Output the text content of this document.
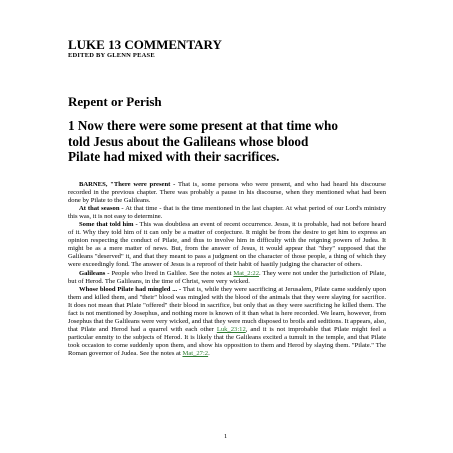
LUKE 13 COMMENTARY
EDITED BY GLENN PEASE
Repent or Perish
1 Now there were some present at that time who
told Jesus about the Galileans whose blood
Pilate had mixed with their sacrifices.

BARNES, "There were present - That is, some persons who were present, and who had heard his discourse recorded in the previous chapter. There was probably a pause in his discourse, when they mentioned what had been done by Pilate to the Galileans.

At that season - At that time - that is the time mentioned in the last chapter. At what period of our Lord's ministry this was, it is not easy to determine.

Some that told him - This was doubtless an event of recent occurrence. Jesus, it is probable, had not before heard of it. Why they told him of it can only be a matter of conjecture. It might be from the desire to get him to express an opinion respecting the conduct of Pilate, and thus to involve him in difficulty with the reigning powers of Judea. It might be as a mere matter of news. But, from the answer of Jesus, it would appear that "they" supposed that the Galileans "deserved" it, and that they meant to pass a judgment on the character of those people, a thing of which they were exceedingly fond. The answer of Jesus is a reproof of their habit of hastily judging the character of others.

Galileans - People who lived in Galilee. See the notes at Mat_2:22. They were not under the jurisdiction of Pilate, but of Herod. The Galileans, in the time of Christ, were very wicked.

Whose blood Pilate had mingled ... - That is, while they were sacrificing at Jerusalem, Pilate came suddenly upon them and killed them, and "their" blood was mingled with the blood of the animals that they were slaying for sacrifice. It does not mean that Pilate "offered" their blood in sacrifice, but only that as they were sacrificing he killed them. The fact is not mentioned by Josephus, and nothing more is known of it than what is here recorded. We learn, however, from Josephus that the Galileans were very wicked, and that they were much disposed to broils and seditions. It appears, also, that Pilate and Herod had a quarrel with each other Luk_23:12, and it is not improbable that Pilate might feel a particular enmity to the subjects of Herod. It is likely that the Galileans excited a tumult in the temple, and that Pilate took occasion to come suddenly upon them, and show his opposition to them and Herod by slaying them. "Pilate." The Roman governor of Judea. See the notes at Mat_27:2.

1
